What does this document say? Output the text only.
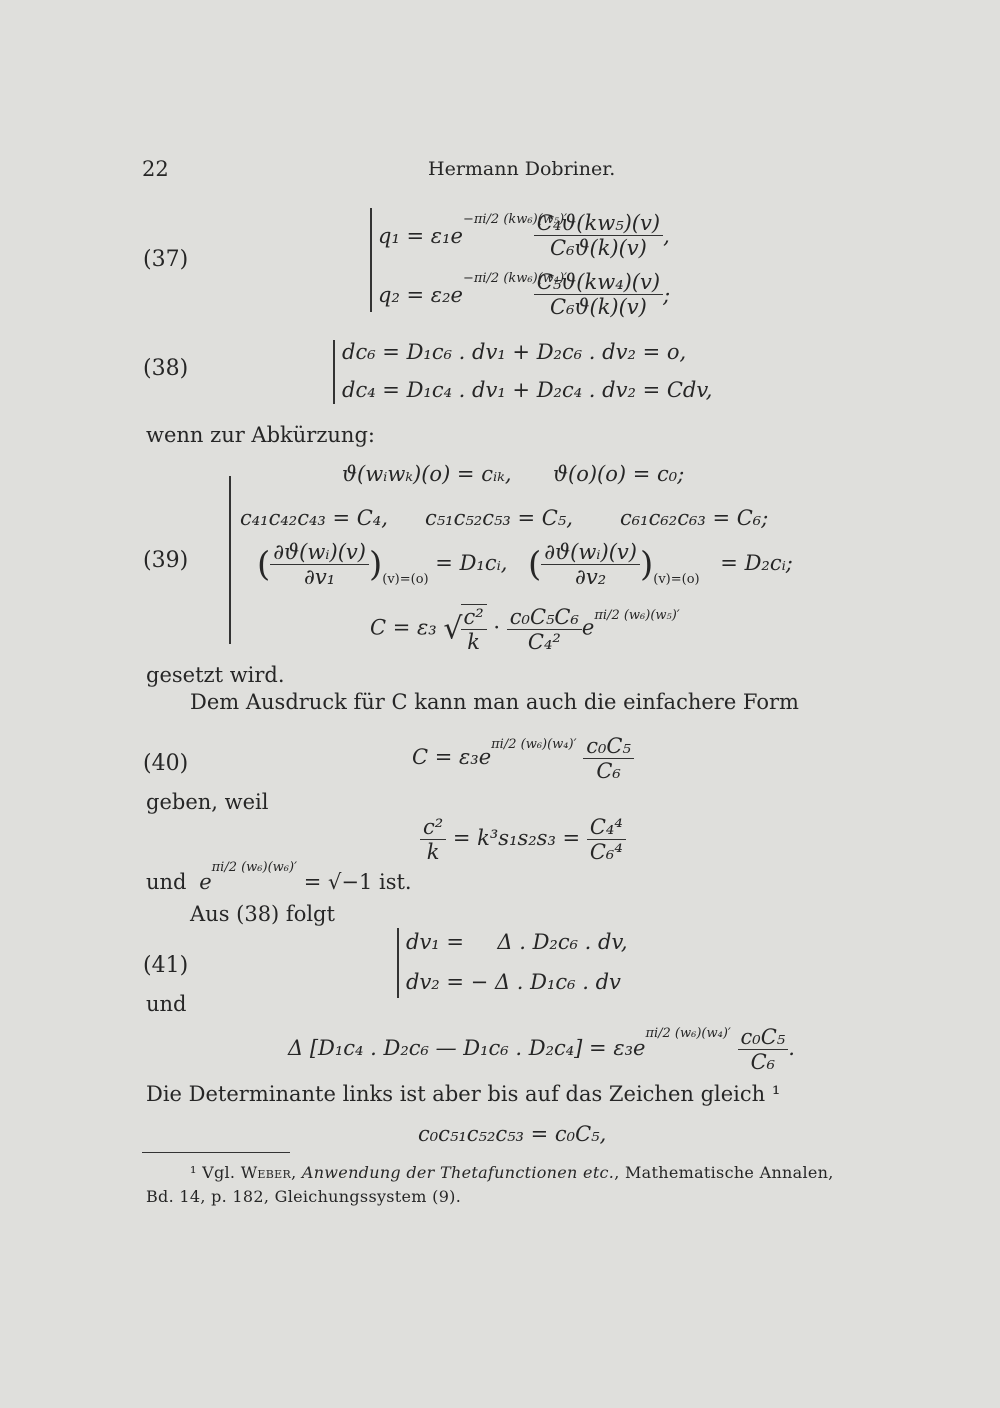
22	Hermann Dobriner.
(37)
$q_1 = \varepsilon_1e^{-\pi i/2 (kw_6)(w_5)'}$
$\frac{\text{C₄ϑ(kw₅)(v)}}{\text{C₆ϑ(k)(v)}}$ ,
$q_2 = \varepsilon_2e^{-\pi i/2 (kw_6)(w_4)'}$
$\frac{\text{C₅ϑ(kw₄)(v)}}{\text{C₆ϑ(k)(v)}}$ ;
(38)
dc₆ = D₁c₆ . dv₁ + D₂c₆ . dv₂ = o,
dc₄ = D₁c₄ . dv₁ + D₂c₄ . dv₂ = Cdv,
wenn zur Abkürzung:
(39)
ϑ(wᵢwₖ)(o) = cᵢₖ, ϑ(o)(o) = c₀;
c₄₁c₄₂c₄₃ = C₄, c₅₁c₅₂c₅₃ = C₅, c₆₁c₆₂c₆₃ = C₆;
( $\frac{\text{∂ϑ(wᵢ)(v)}}{\text{∂v₁}} )_{(v)=(o)}$ = D₁cᵢ, ( $\frac{\text{∂ϑ(wᵢ)(v)}}{\text{∂v₂}} )_{(v)=(o)}$ = D₂cᵢ;
C = ε₃ √
$\frac{\text{c²}}{k} \cdot \frac{\text{c₀C₅C₆}}{\text{C₄²}} e^{\pi i/2 (w_6)(w_5)'}$
gesetzt wird.
Dem Ausdruck für C kann man auch die einfachere Form
(40)	$C = \varepsilon_3e^{\pi i/2 (w_6)(w_4)'} \frac{\text{c₀C₅}}{\text{C₆}}$
geben, weil
$\frac{\text{c²}}{k} = k^3s_1s_2s_3 = \frac{\text{C₄⁴}}{\text{C₆⁴}}$
und $e^{\pi i/2 (w_6)(w_6)'} = √-1$ ist.
Aus (38) folgt
(41)
dv₁ =     Δ . D₂c₆ . dv,
dv₂ = − Δ . D₁c₆ . dv
und
Δ [D₁c₄ . D₂c₆ — D₁c₆ . $D_2c_4] = \varepsilon_3e^{\pi i/2 (w_6)(w_4)'} \frac{\text{c₀C₅}}{\text{C₆}}$ .
Die Determinante links ist aber bis auf das Zeichen gleich ¹
c₀c₅₁c₅₂c₅₃ = c₀C₅,
¹ Vgl. Weber, Anwendung der Thetafunctionen etc., Mathematische Annalen,
Bd. 14, p. 182, Gleichungssystem (9).
